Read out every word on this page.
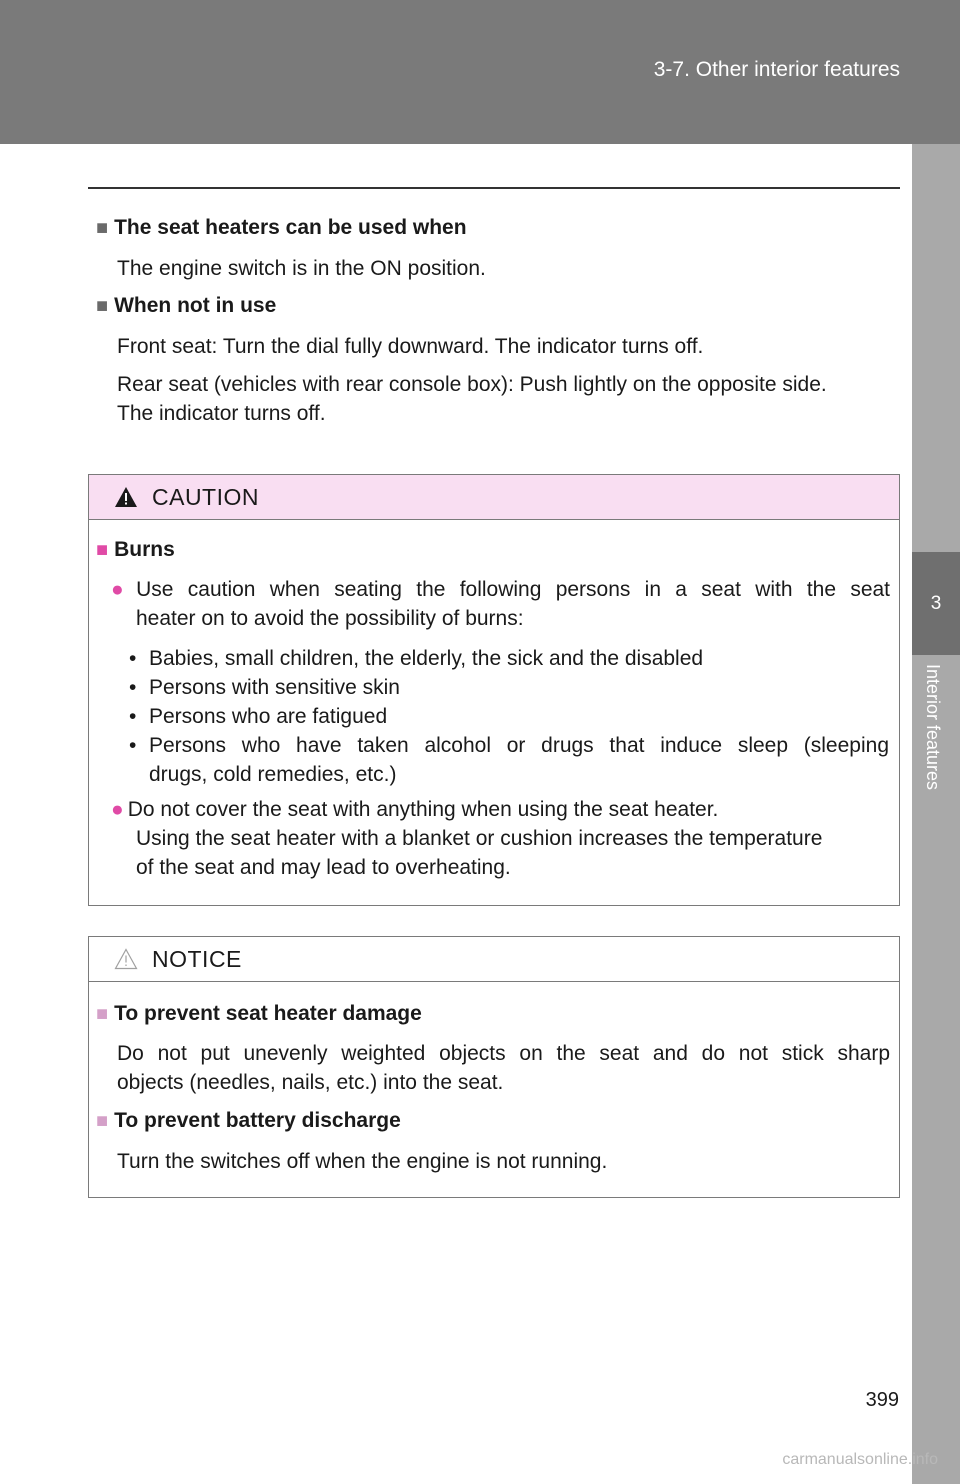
3-7. Other interior features
3
Interior features
■ The seat heaters can be used when
The engine switch is in the ON position.
■ When not in use
Front seat: Turn the dial fully downward. The indicator turns off.
Rear seat (vehicles with rear console box): Push lightly on the opposite side.
The indicator turns off.
CAUTION
■ Burns
● Use caution when seating the following persons in a seat with the seat
heater on to avoid the possibility of burns:
• Babies, small children, the elderly, the sick and the disabled
• Persons with sensitive skin
• Persons who are fatigued
• Persons who have taken alcohol or drugs that induce sleep (sleeping
drugs, cold remedies, etc.)
● Do not cover the seat with anything when using the seat heater.
Using the seat heater with a blanket or cushion increases the temperature
of the seat and may lead to overheating.
NOTICE
■ To prevent seat heater damage
Do not put unevenly weighted objects on the seat and do not stick sharp
objects (needles, nails, etc.) into the seat.
■ To prevent battery discharge
Turn the switches off when the engine is not running.
399
carmanualsonline.info
